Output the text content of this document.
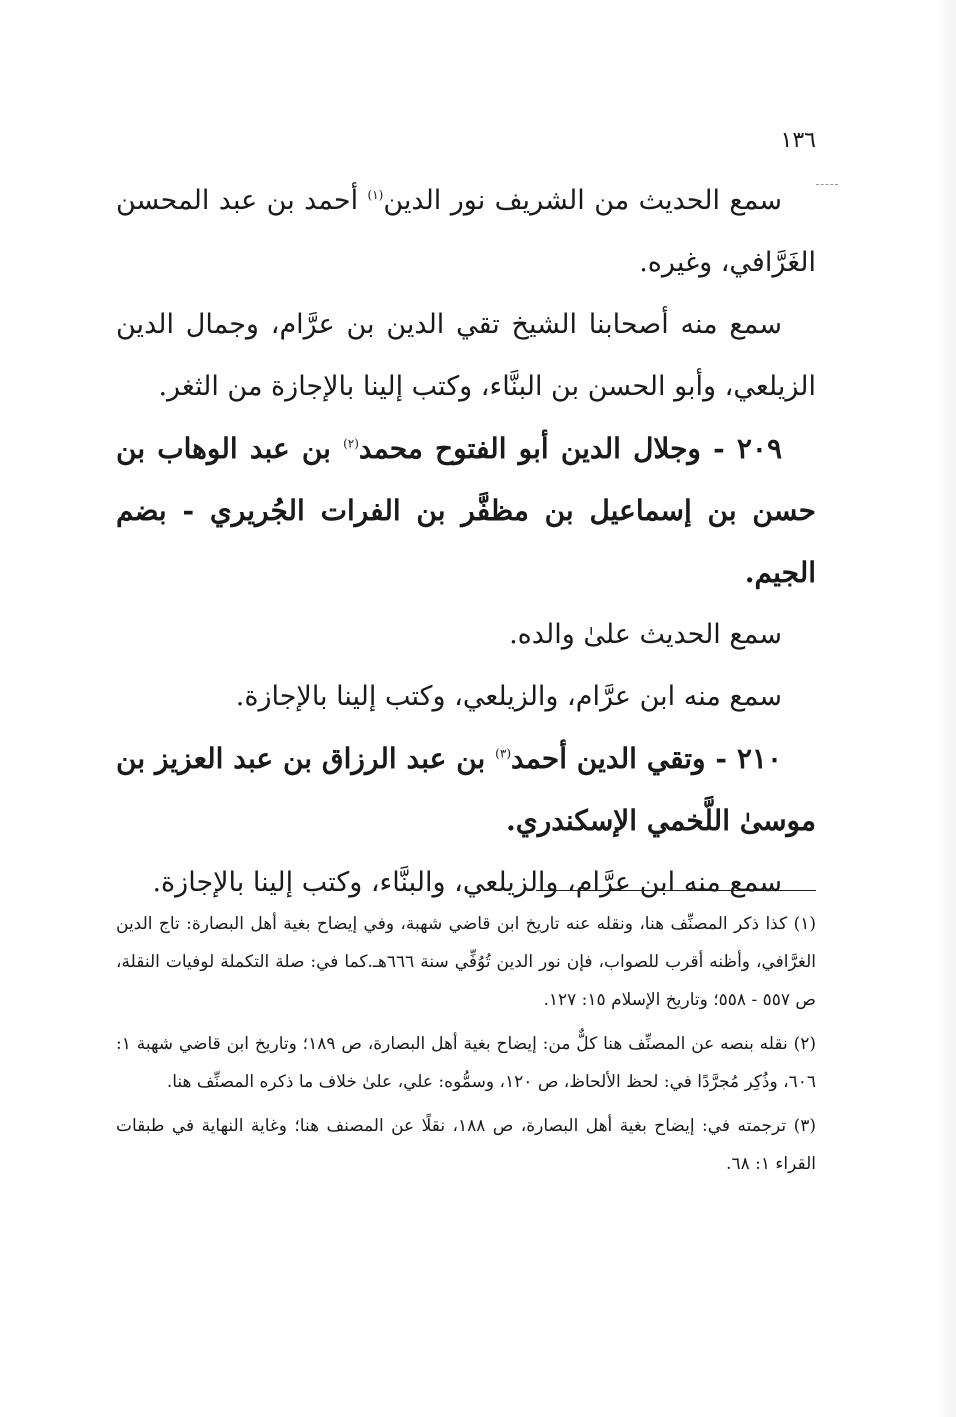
١٣٦

سمع الحديث من الشريف نور الدين$^{(١)}$ أحمد بن عبد المحسن الغَرَّافي، وغيره.

سمع منه أصحابنا الشيخ تقي الدين بن عرَّام، وجمال الدين الزيلعي، وأبو الحسن بن البنَّاء، وكتب إلينا بالإجازة من الثغر.

٢٠٩ - وجلال الدين أبو الفتوح محمد$^{(٢)}$ بن عبد الوهاب بن حسن بن إسماعيل بن مظفَّر بن الفرات الجُريري - بضم الجيم.

سمع الحديث علىٰ والده.

سمع منه ابن عرَّام، والزيلعي، وكتب إلينا بالإجازة.

٢١٠ - وتقي الدين أحمد$^{(٣)}$ بن عبد الرزاق بن عبد العزيز بن موسىٰ اللَّخمي الإسكندري.

سمع منه ابن عرَّام، والزيلعي، والبنَّاء، وكتب إلينا بالإجازة.

(١) كذا ذكر المصنِّف هنا، ونقله عنه تاريخ ابن قاضي شهبة، وفي إيضاح بغية أهل البصارة: تاج الدين الغرَّافي، وأظنه أقرب للصواب، فإن نور الدين تُوُفِّي سنة ٦٦٦هـ.كما في: صلة التكملة لوفيات النقلة، ص ٥٥٧ - ٥٥٨؛ وتاريخ الإسلام ١٥: ١٢٧.

(٢) نقله بنصه عن المصنِّف هنا كلٌّ من: إيضاح بغية أهل البصارة، ص ١٨٩؛ وتاريخ ابن قاضي شهبة ١: ٦٠٦، وذُكِر مُجرَّدًا في: لحظ الألحاظ، ص ١٢٠، وسمُّوه: علي، علىٰ خلاف ما ذكره المصنِّف هنا.

(٣) ترجمته في: إيضاح بغية أهل البصارة، ص ١٨٨، نقلًا عن المصنف هنا؛ وغاية النهاية في طبقات القراء ١: ٦٨.
